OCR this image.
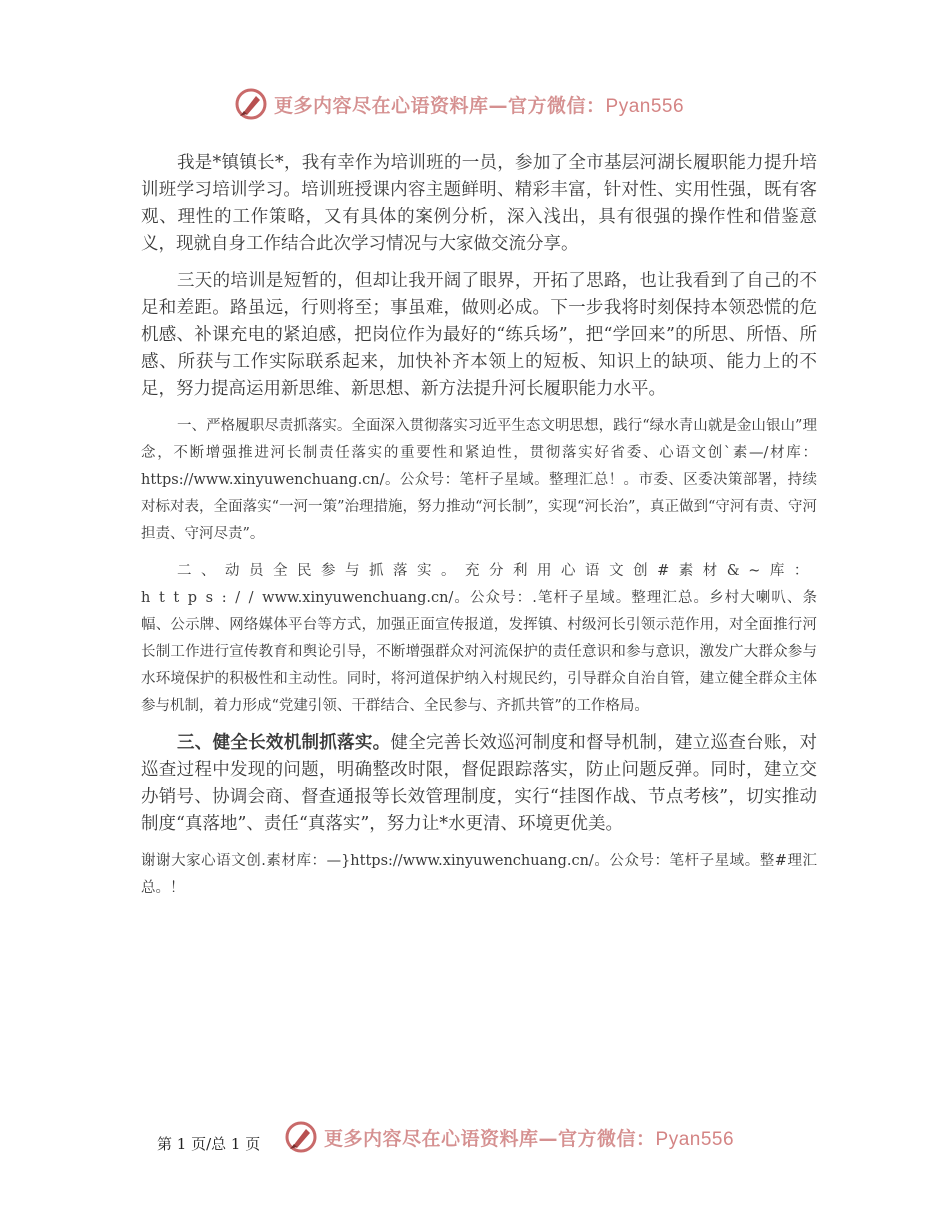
更多内容尽在心语资料库—官方微信：Pyan556

我是*镇镇长*，我有幸作为培训班的一员，参加了全市基层河湖长履职能力提升培训班学习培训学习。培训班授课内容主题鲜明、精彩丰富，针对性、实用性强，既有客观、理性的工作策略，又有具体的案例分析，深入浅出，具有很强的操作性和借鉴意义，现就自身工作结合此次学习情况与大家做交流分享。

三天的培训是短暂的，但却让我开阔了眼界，开拓了思路，也让我看到了自己的不足和差距。路虽远，行则将至；事虽难，做则必成。下一步我将时刻保持本领恐慌的危机感、补课充电的紧迫感，把岗位作为最好的“练兵场”，把“学回来”的所思、所悟、所感、所获与工作实际联系起来，加快补齐本领上的短板、知识上的缺项、能力上的不足，努力提高运用新思维、新思想、新方法提升河长履职能力水平。

一、严格履职尽责抓落实。全面深入贯彻落实习近平生态文明思想，践行“绿水青山就是金山银山”理念，不断增强推进河长制责任落实的重要性和紧迫性，贯彻落实好省委、心语文创`素—/材库：https://www.xinyuwenchuang.cn/。公众号：笔杆子星域。整理汇总！。市委、区委决策部署，持续对标对表，全面落实“一河一策”治理措施，努力推动“河长制”，实现“河长治”，真正做到“守河有责、守河担责、守河尽责”。

二、动员全民参与抓落实。充分利用心语文创#素材&~库：https://www.xinyuwenchuang.cn/。公众号：.笔杆子星域。整理汇总。乡村大喇叭、条幅、公示牌、网络媒体平台等方式，加强正面宣传报道，发挥镇、村级河长引领示范作用，对全面推行河长制工作进行宣传教育和舆论引导，不断增强群众对河流保护的责任意识和参与意识，激发广大群众参与水环境保护的积极性和主动性。同时，将河道保护纳入村规民约，引导群众自治自管，建立健全群众主体参与机制，着力形成“党建引领、干群结合、全民参与、齐抓共管”的工作格局。

三、健全长效机制抓落实。健全完善长效巡河制度和督导机制，建立巡查台账，对巡查过程中发现的问题，明确整改时限，督促跟踪落实，防止问题反弹。同时，建立交办销号、协调会商、督查通报等长效管理制度，实行“挂图作战、节点考核”，切实推动制度“真落地”、责任“真落实”，努力让*水更清、环境更优美。

谢谢大家心语文创.素材库：—}https://www.xinyuwenchuang.cn/。公众号：笔杆子星域。整#理汇总。！

更多内容尽在心语资料库—官方微信：Pyan556
第 1 页/总 1 页
